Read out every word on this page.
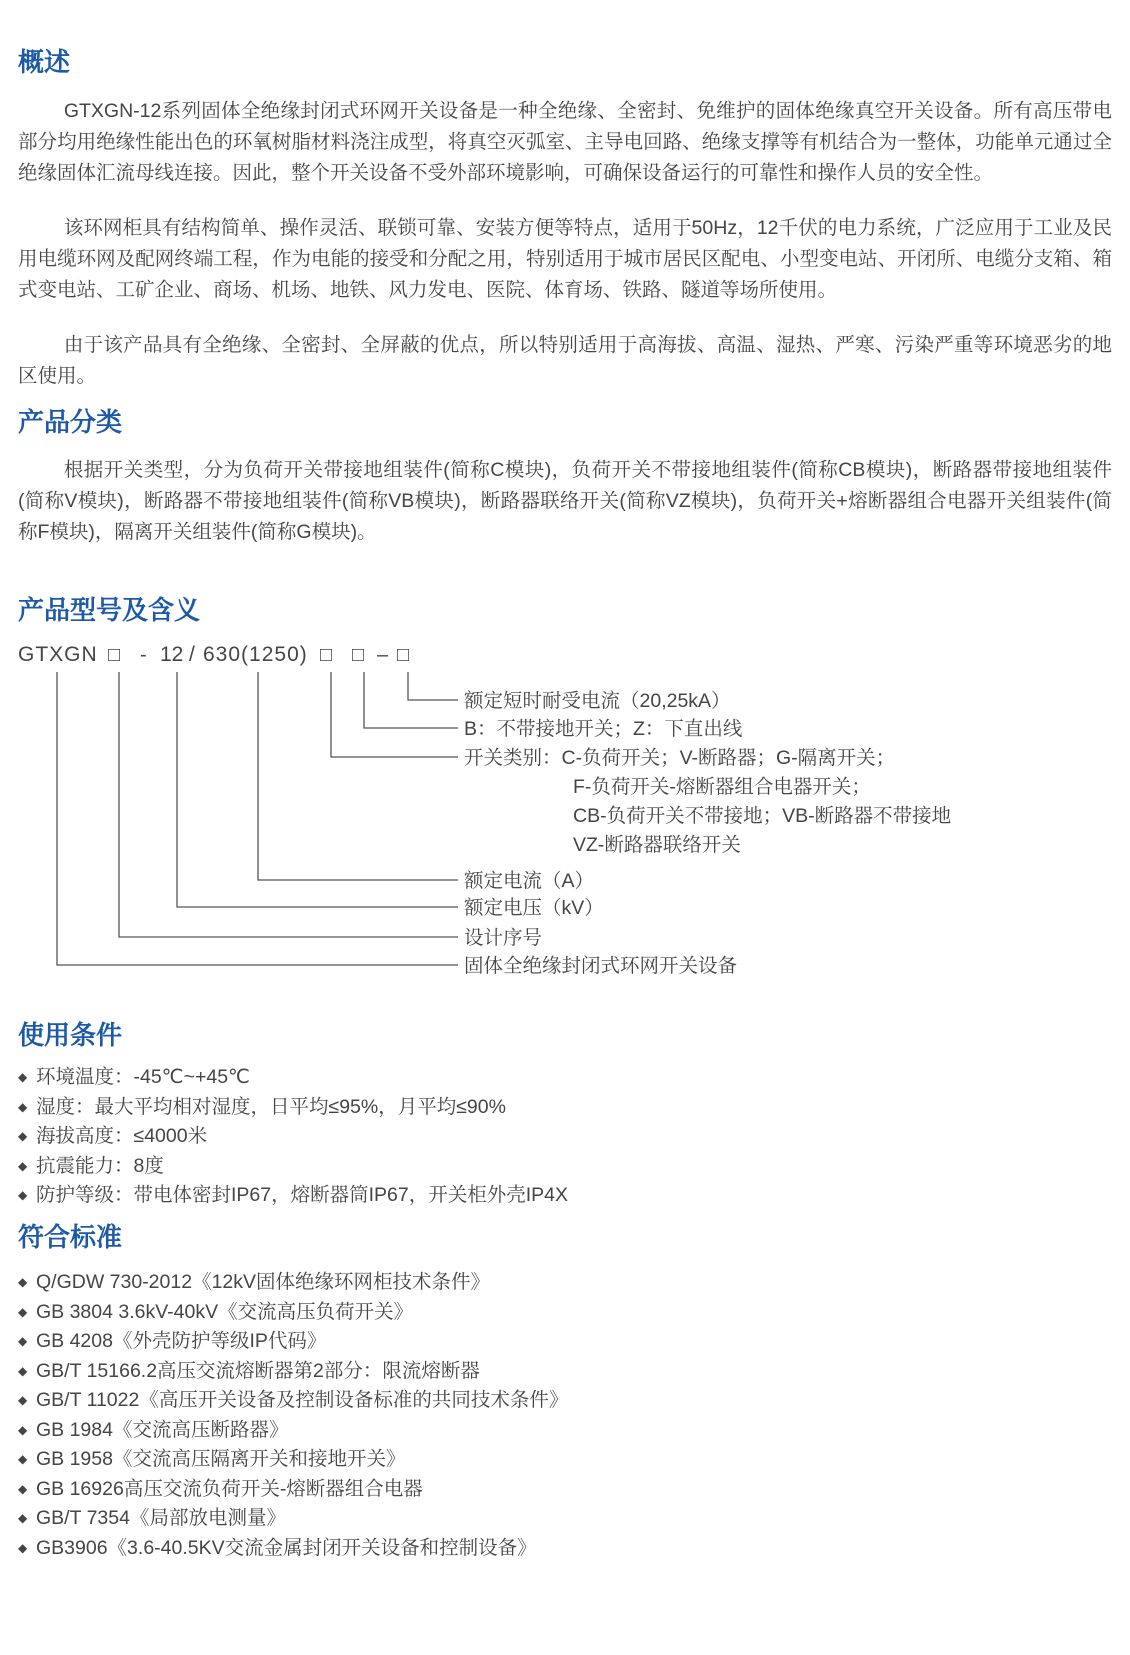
概述

GTXGN-12系列固体全绝缘封闭式环网开关设备是一种全绝缘、全密封、免维护的固体绝缘真空开关设备。所有高压带电部分均用绝缘性能出色的环氧树脂材料浇注成型，将真空灭弧室、主导电回路、绝缘支撑等有机结合为一整体，功能单元通过全绝缘固体汇流母线连接。因此，整个开关设备不受外部环境影响，可确保设备运行的可靠性和操作人员的安全性。

该环网柜具有结构简单、操作灵活、联锁可靠、安装方便等特点，适用于50Hz，12千伏的电力系统，广泛应用于工业及民用电缆环网及配网终端工程，作为电能的接受和分配之用，特别适用于城市居民区配电、小型变电站、开闭所、电缆分支箱、箱式变电站、工矿企业、商场、机场、地铁、风力发电、医院、体育场、铁路、隧道等场所使用。

由于该产品具有全绝缘、全密封、全屏蔽的优点，所以特别适用于高海拔、高温、湿热、严寒、污染严重等环境恶劣的地区使用。

产品分类

根据开关类型，分为负荷开关带接地组装件(简称C模块)，负荷开关不带接地组装件(简称CB模块)，断路器带接地组装件(简称V模块)，断路器不带接地组装件(简称VB模块)，断路器联络开关(简称VZ模块)，负荷开关+熔断器组合电器开关组装件(简称F模块)，隔离开关组装件(简称G模块)。

产品型号及含义
GTXGN □ - 12 / 630(1250) □ □ – □
额定短时耐受电流（20,25kA）
B：不带接地开关；Z：下直出线
开关类别：C-负荷开关；V-断路器；G-隔离开关；
F-负荷开关-熔断器组合电器开关；
CB-负荷开关不带接地；VB-断路器不带接地
VZ-断路器联络开关
额定电流（A）
额定电压（kV）
设计序号
固体全绝缘封闭式环网开关设备
使用条件
◆ 环境温度：-45℃~+45℃
◆ 湿度：最大平均相对湿度，日平均≤95%，月平均≤90%
◆ 海拔高度：≤4000米
◆ 抗震能力：8度
◆ 防护等级：带电体密封IP67，熔断器筒IP67，开关柜外壳IP4X
符合标准
◆ Q/GDW 730-2012《12kV固体绝缘环网柜技术条件》
◆ GB 3804 3.6kV-40kV《交流高压负荷开关》
◆ GB 4208《外壳防护等级IP代码》
◆ GB/T 15166.2高压交流熔断器第2部分：限流熔断器
◆ GB/T 11022《高压开关设备及控制设备标准的共同技术条件》
◆ GB 1984《交流高压断路器》
◆ GB 1958《交流高压隔离开关和接地开关》
◆ GB 16926高压交流负荷开关-熔断器组合电器
◆ GB/T 7354《局部放电测量》
◆ GB3906《3.6-40.5KV交流金属封闭开关设备和控制设备》
